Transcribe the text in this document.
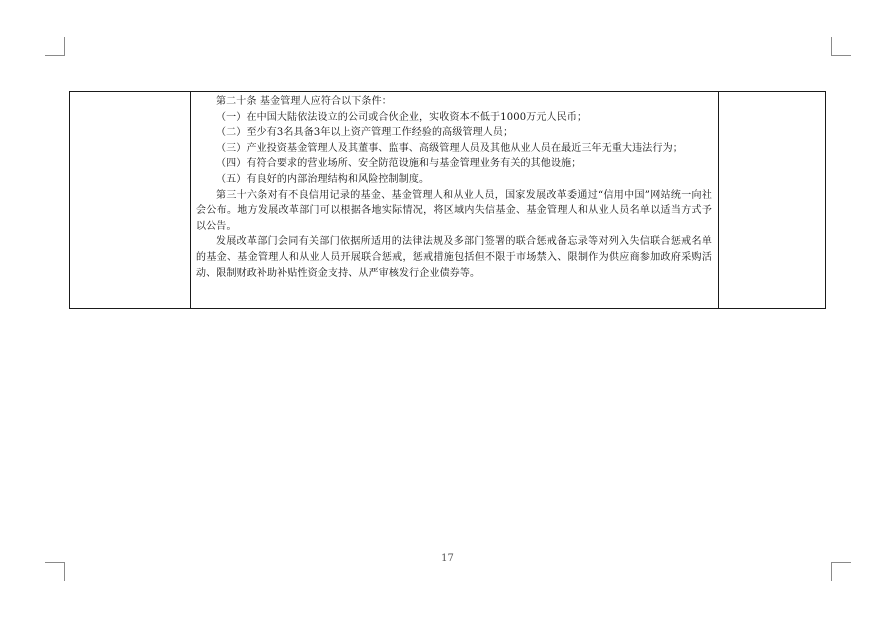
第二十条 基金管理人应符合以下条件：

（一）在中国大陆依法设立的公司或合伙企业，实收资本不低于1000万元人民币；

（二）至少有3名具备3年以上资产管理工作经验的高级管理人员；

（三）产业投资基金管理人及其董事、监事、高级管理人员及其他从业人员在最近三年无重大违法行为；

（四）有符合要求的营业场所、安全防范设施和与基金管理业务有关的其他设施；

（五）有良好的内部治理结构和风险控制制度。

第三十六条对有不良信用记录的基金、基金管理人和从业人员，国家发展改革委通过“信用中国”网站统一向社会公布。地方发展改革部门可以根据各地实际情况，将区域内失信基金、基金管理人和从业人员名单以适当方式予以公告。

发展改革部门会同有关部门依据所适用的法律法规及多部门签署的联合惩戒备忘录等对列入失信联合惩戒名单的基金、基金管理人和从业人员开展联合惩戒，惩戒措施包括但不限于市场禁入、限制作为供应商参加政府采购活动、限制财政补助补贴性资金支持、从严审核发行企业债券等。

17
